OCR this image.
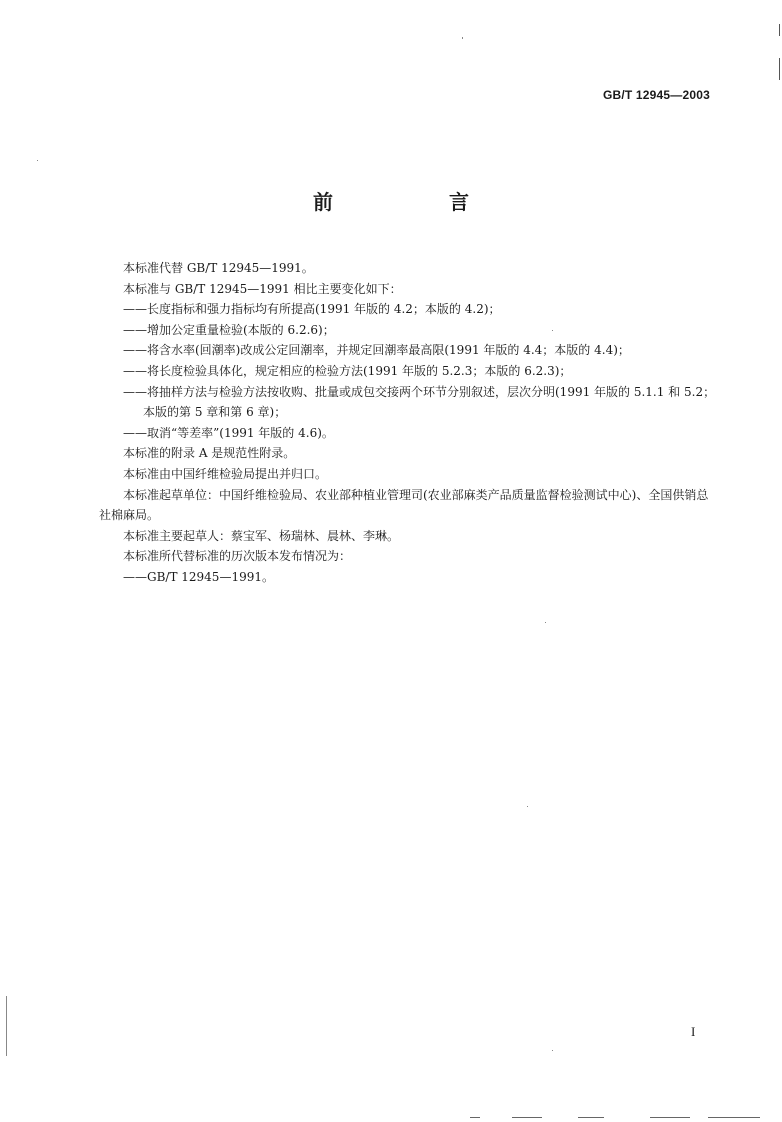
GB/T 12945—2003
前　言

本标准代替 GB/T 12945—1991。

本标准与 GB/T 12945—1991 相比主要变化如下：

——长度指标和强力指标均有所提高(1991 年版的 4.2；本版的 4.2)；

——增加公定重量检验(本版的 6.2.6)；

——将含水率(回潮率)改成公定回潮率，并规定回潮率最高限(1991 年版的 4.4；本版的 4.4)；

——将长度检验具体化，规定相应的检验方法(1991 年版的 5.2.3；本版的 6.2.3)；

——将抽样方法与检验方法按收购、批量或成包交接两个环节分别叙述，层次分明(1991 年版的 5.1.1 和 5.2；本版的第 5 章和第 6 章)；

——取消“等差率”(1991 年版的 4.6)。

本标准的附录 A 是规范性附录。

本标准由中国纤维检验局提出并归口。

本标准起草单位：中国纤维检验局、农业部种植业管理司(农业部麻类产品质量监督检验测试中心)、全国供销总社棉麻局。

本标准主要起草人：蔡宝军、杨瑞林、晨林、李琳。

本标准所代替标准的历次版本发布情况为：

——GB/T 12945—1991。

I
